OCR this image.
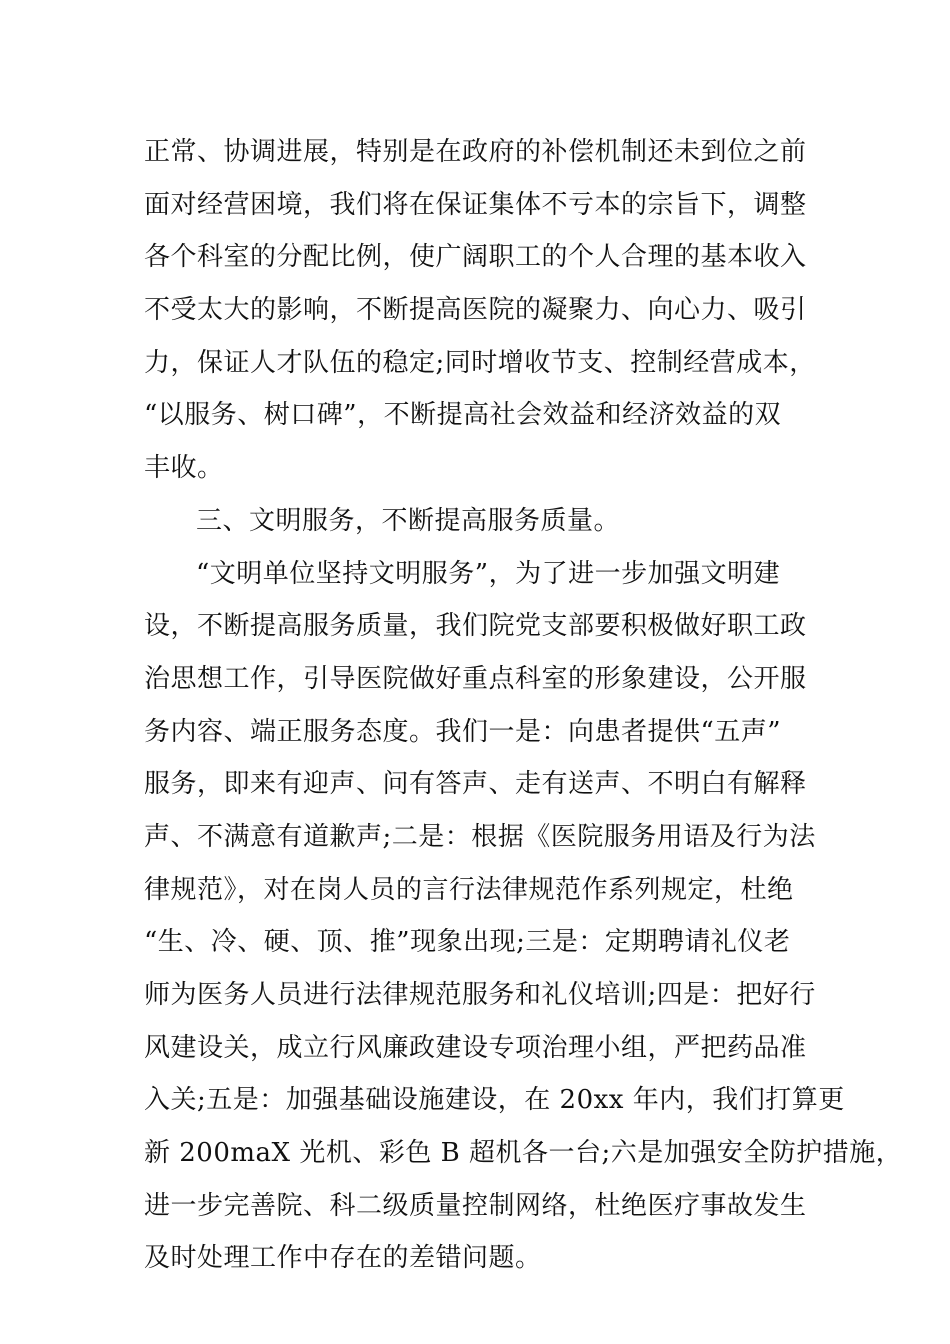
正常、协调进展，特别是在政府的补偿机制还未到位之前
面对经营困境，我们将在保证集体不亏本的宗旨下，调整
各个科室的分配比例，使广阔职工的个人合理的基本收入
不受太大的影响，不断提高医院的凝聚力、向心力、吸引
力，保证人才队伍的稳定;同时增收节支、控制经营成本，
“以服务、树口碑”，不断提高社会效益和经济效益的双
丰收。
三、文明服务，不断提高服务质量。
“文明单位坚持文明服务”，为了进一步加强文明建
设，不断提高服务质量，我们院党支部要积极做好职工政
治思想工作，引导医院做好重点科室的形象建设，公开服
务内容、端正服务态度。我们一是：向患者提供“五声”
服务，即来有迎声、问有答声、走有送声、不明白有解释
声、不满意有道歉声;二是：根据《医院服务用语及行为法
律规范》，对在岗人员的言行法律规范作系列规定，杜绝
“生、冷、硬、顶、推”现象出现;三是：定期聘请礼仪老
师为医务人员进行法律规范服务和礼仪培训;四是：把好行
风建设关，成立行风廉政建设专项治理小组，严把药品准
入关;五是：加强基础设施建设，在 20xx 年内，我们打算更
新 200maX 光机、彩色 B 超机各一台;六是加强安全防护措施，
进一步完善院、科二级质量控制网络，杜绝医疗事故发生
及时处理工作中存在的差错问题。
